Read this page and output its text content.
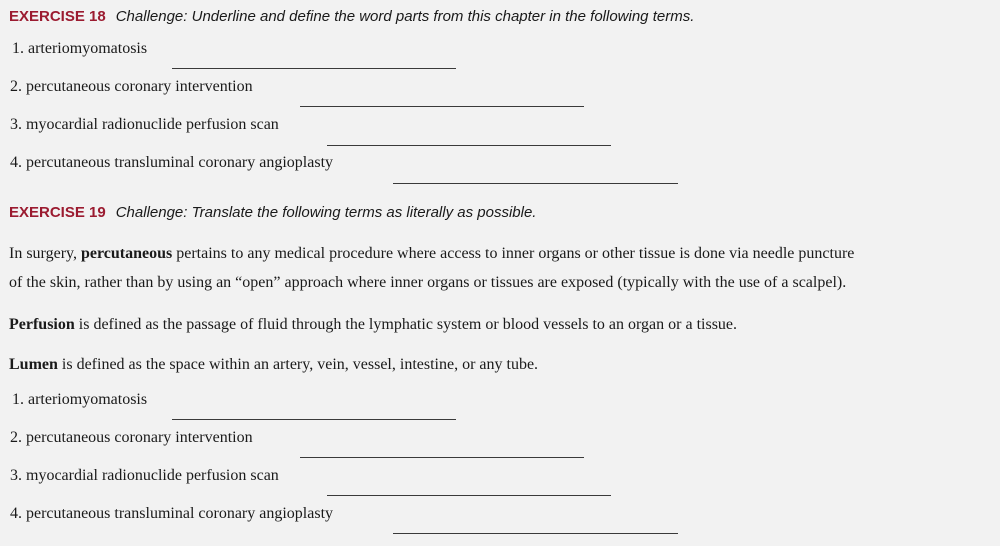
EXERCISE 18 Challenge: Underline and define the word parts from this chapter in the following terms.
1. arteriomyomatosis
2. percutaneous coronary intervention
3. myocardial radionuclide perfusion scan
4. percutaneous transluminal coronary angioplasty
EXERCISE 19 Challenge: Translate the following terms as literally as possible.
In surgery, percutaneous pertains to any medical procedure where access to inner organs or other tissue is done via needle puncture
of the skin, rather than by using an “open” approach where inner organs or tissues are exposed (typically with the use of a scalpel).
Perfusion is defined as the passage of fluid through the lymphatic system or blood vessels to an organ or a tissue.
Lumen is defined as the space within an artery, vein, vessel, intestine, or any tube.
1. arteriomyomatosis
2. percutaneous coronary intervention
3. myocardial radionuclide perfusion scan
4. percutaneous transluminal coronary angioplasty
